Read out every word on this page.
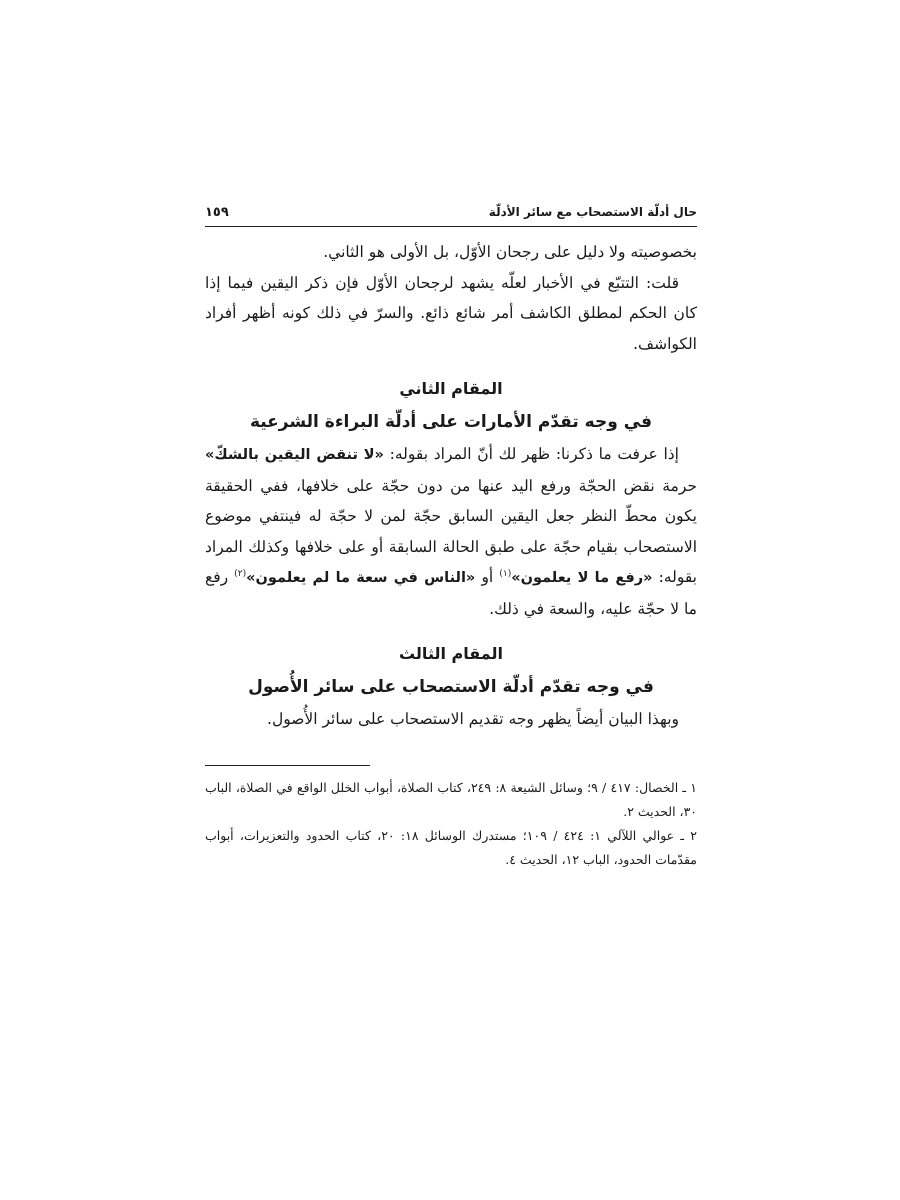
حال أدلّة الاستصحاب مع سائر الأدلّة
١٥٩

بخصوصيته ولا دليل على رجحان الأوّل، بل الأولى هو الثاني.

قلت: التتبّع في الأخبار لعلّه يشهد لرجحان الأوّل فإن ذكر اليقين فيما إذا كان الحكم لمطلق الكاشف أمر شائع ذائع. والسرّ في ذلك كونه أظهر أفراد الكواشف.

المقام الثاني
في وجه تقدّم الأمارات على أدلّة البراءة الشرعية

إذا عرفت ما ذكرنا: ظهر لك أنّ المراد بقوله: «لا تنقض اليقين بالشكّ» حرمة نقض الحجّة ورفع اليد عنها من دون حجّة على خلافها، ففي الحقيقة يكون محطّ النظر جعل اليقين السابق حجّة لمن لا حجّة له فينتفي موضوع الاستصحاب بقيام حجّة على طبق الحالة السابقة أو على خلافها وكذلك المراد بقوله: «رفع ما لا يعلمون»$^{(١)}$ أو «الناس في سعة ما لم يعلمون»$^{(٢)}$ رفع ما لا حجّة عليه، والسعة في ذلك.

المقام الثالث
في وجه تقدّم أدلّة الاستصحاب على سائر الأُصول

وبهذا البيان أيضاً يظهر وجه تقديم الاستصحاب على سائر الأُصول.

١ ـ الخصال: ٤١٧ / ٩؛ وسائل الشيعة ٨: ٢٤٩، كتاب الصلاة، أبواب الخلل الواقع في الصلاة، الباب ٣٠، الحديث ٢.

٢ ـ عوالي اللآلي ١: ٤٢٤ / ١٠٩؛ مستدرك الوسائل ١٨: ٢٠، كتاب الحدود والتعزيرات، أبواب مقدّمات الحدود، الباب ١٢، الحديث ٤.
